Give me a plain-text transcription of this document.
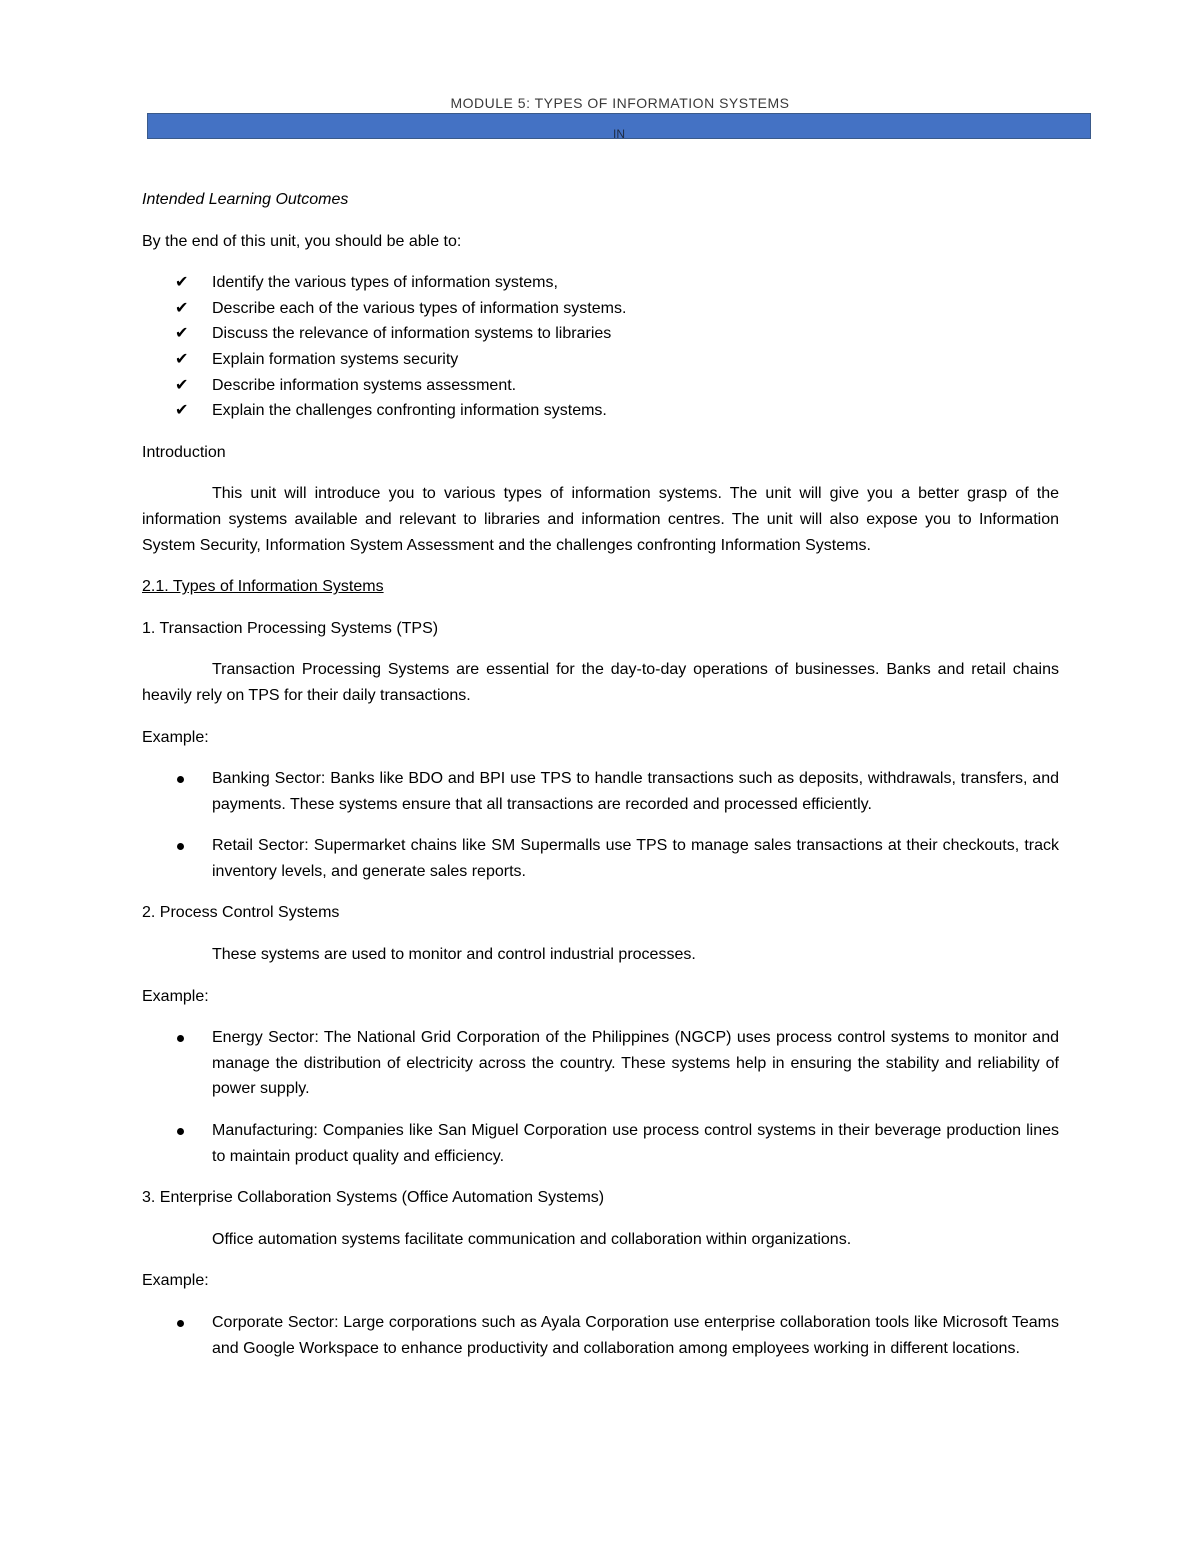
MODULE 5: TYPES OF INFORMATION SYSTEMS
IN

Intended Learning Outcomes

By the end of this unit, you should be able to:

✔	Identify the various types of information systems,
✔	Describe each of the various types of information systems.
✔	Discuss the relevance of information systems to libraries
✔	Explain formation systems security
✔	Describe information systems assessment.
✔	Explain the challenges confronting information systems.

Introduction

This unit will introduce you to various types of information systems. The unit will give you a better grasp of the information systems available and relevant to libraries and information centres. The unit will also expose you to Information System Security, Information System Assessment and the challenges confronting Information Systems.

2.1. Types of Information Systems

1. Transaction Processing Systems (TPS)

Transaction Processing Systems are essential for the day-to-day operations of businesses. Banks and retail chains heavily rely on TPS for their daily transactions.

Example:

Banking Sector: Banks like BDO and BPI use TPS to handle transactions such as deposits, withdrawals, transfers, and payments. These systems ensure that all transactions are recorded and processed efficiently.
Retail Sector: Supermarket chains like SM Supermalls use TPS to manage sales transactions at their checkouts, track inventory levels, and generate sales reports.

2. Process Control Systems

These systems are used to monitor and control industrial processes.

Example:

Energy Sector: The National Grid Corporation of the Philippines (NGCP) uses process control systems to monitor and manage the distribution of electricity across the country. These systems help in ensuring the stability and reliability of power supply.
Manufacturing: Companies like San Miguel Corporation use process control systems in their beverage production lines to maintain product quality and efficiency.

3. Enterprise Collaboration Systems (Office Automation Systems)

Office automation systems facilitate communication and collaboration within organizations.

Example:

Corporate Sector: Large corporations such as Ayala Corporation use enterprise collaboration tools like Microsoft Teams and Google Workspace to enhance productivity and collaboration among employees working in different locations.
